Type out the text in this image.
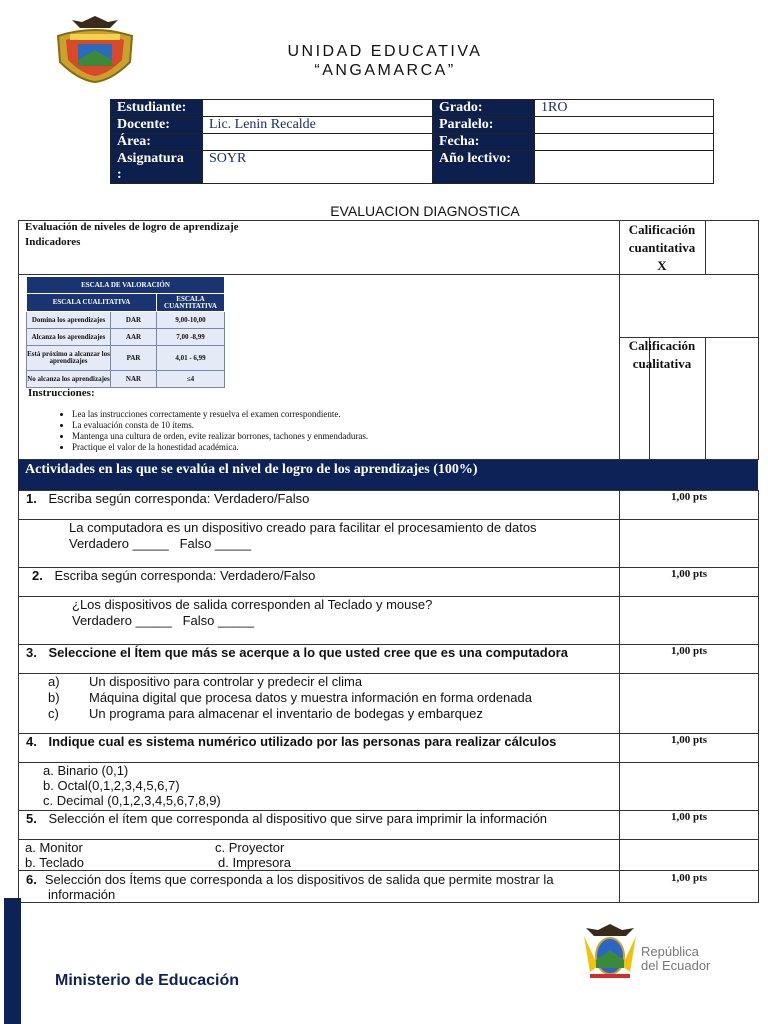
UNIDAD EDUCATIVA
“ANGAMARCA”
Estudiante:		Grado:	1RO
Docente:	Lic. Lenin Recalde	Paralelo:	
Área:		Fecha:	

Asignatura
:	SOYR	Año lectivo:	
EVALUACION DIAGNOSTICA
Evaluación de niveles de logro de aprendizaje
Indicadores
Calificación
cuantitativa
X
Calificación
cualitativa
ESCALA DE VALORACIÓN		
ESCALA CUALITATIVA		ESCALA CUANTITATIVA
Domina los aprendizajes	DAR	9,00-10,00
Alcanza los aprendizajes	AAR	7,00 -8,99
Está próximo a alcanzar los aprendizajes	PAR	4,01 - 6,99
No alcanza los aprendizajes	NAR	≤4
Instrucciones:
• Lea las instrucciones correctamente y resuelva el examen correspondiente.
• La evaluación consta de 10 ítems.
• Mantenga una cultura de orden, evite realizar borrones, tachones y enmendaduras.
• Practique el valor de la honestidad académica.
Actividades en las que se evalúa el nivel de logro de los aprendizajes (100%)
1. Escriba según corresponda: Verdadero/Falso	1,00 pts
La computadora es un dispositivo creado para facilitar el procesamiento de datos
Verdadero _____   Falso _____
2. Escriba según corresponda: Verdadero/Falso	1,00 pts
¿Los dispositivos de salida corresponden al Teclado y mouse?
Verdadero _____   Falso _____
3. Seleccione el Ítem que más se acerque a lo que usted cree que es una computadora	1,00 pts
a) Un dispositivo para controlar y predecir el clima
b) Máquina digital que procesa datos y muestra información en forma ordenada
c) Un programa para almacenar el inventario de bodegas y embarquez
4. Indique cual es sistema numérico utilizado por las personas para realizar cálculos	1,00 pts
a. Binario (0,1)
b. Octal(0,1,2,3,4,5,6,7)
c. Decimal (0,1,2,3,4,5,6,7,8,9)
5. Selección el ítem que corresponda al dispositivo que sirve para imprimir la información	1,00 pts
a. Monitor
b. Teclado
c. Proyector
d. Impresora
6. Selección dos Ítems que corresponda a los dispositivos de salida que permite mostrar la
información
1,00 pts
Ministerio de Educación
República
del Ecuador
